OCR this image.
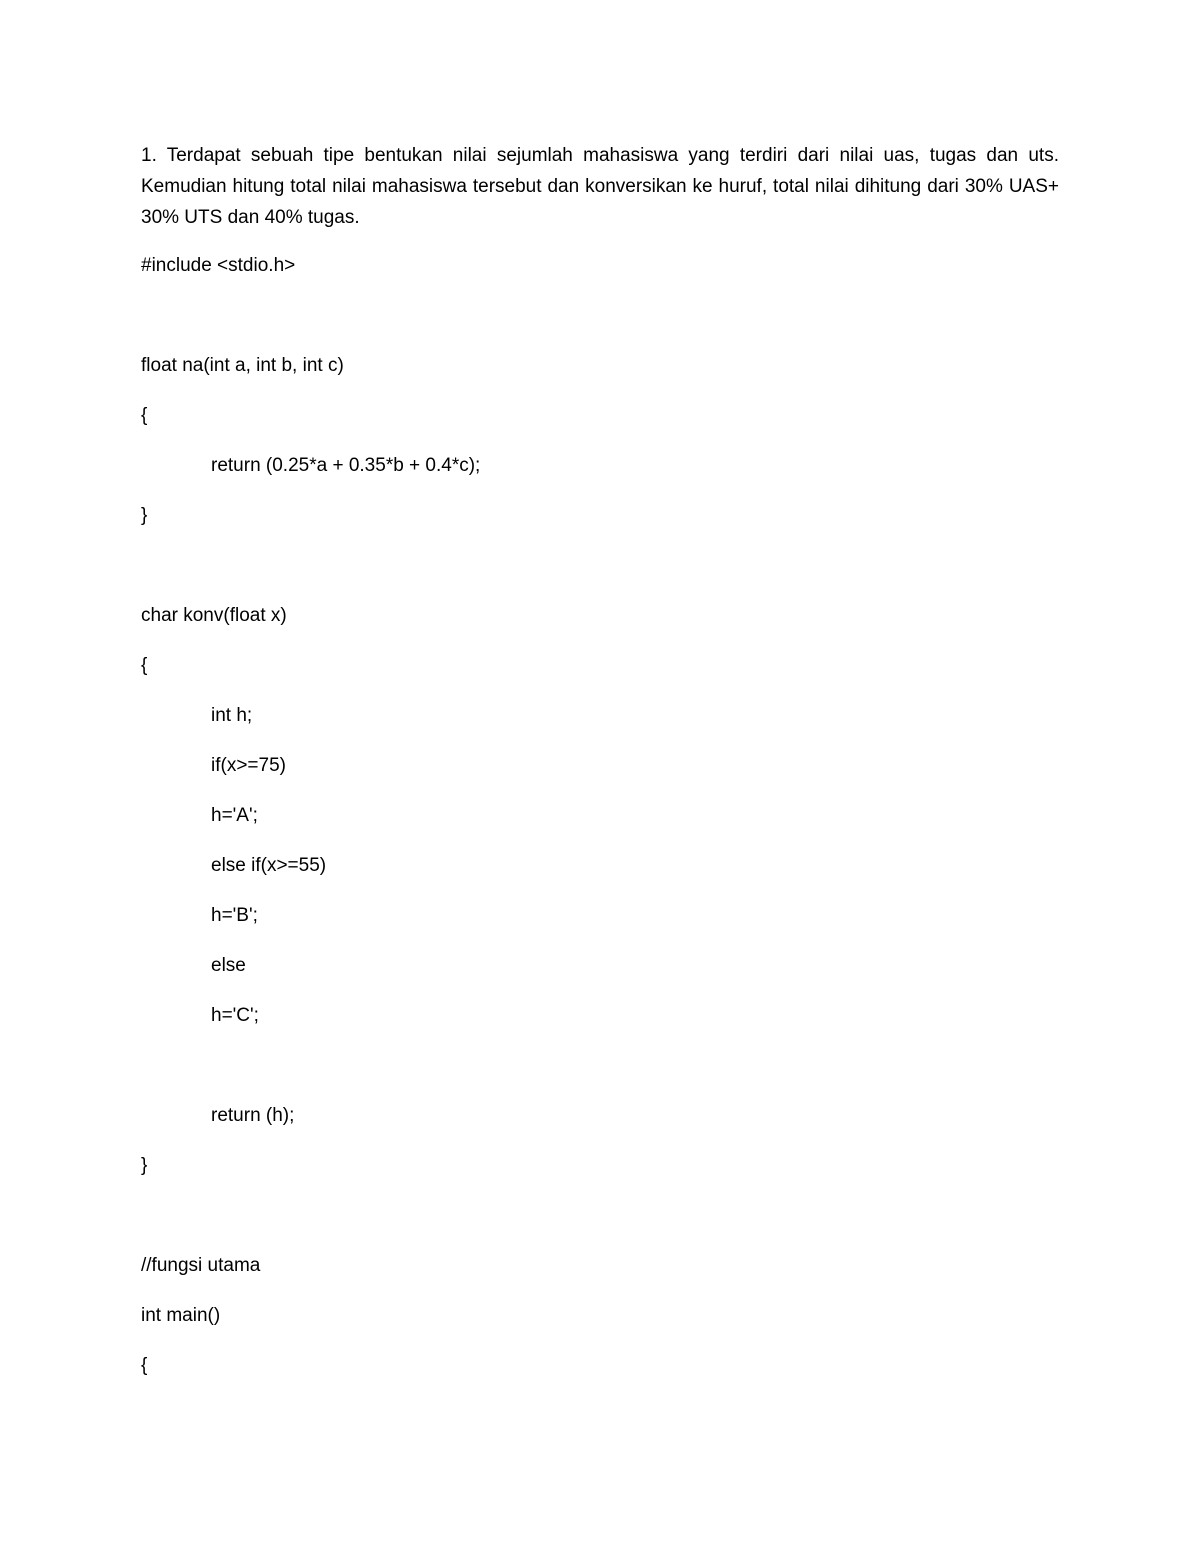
1. Terdapat sebuah tipe bentukan nilai sejumlah mahasiswa yang terdiri dari nilai uas, tugas dan uts. Kemudian hitung total nilai mahasiswa tersebut dan konversikan ke huruf, total nilai dihitung dari 30% UAS+ 30% UTS dan 40% tugas.

#include <stdio.h>
float na(int a, int b, int c)
{
return (0.25*a + 0.35*b + 0.4*c);
}
char konv(float x)
{
int h;
if(x>=75)
h='A';
else if(x>=55)
h='B';
else
h='C';
return (h);
}
//fungsi utama
int main()
{
